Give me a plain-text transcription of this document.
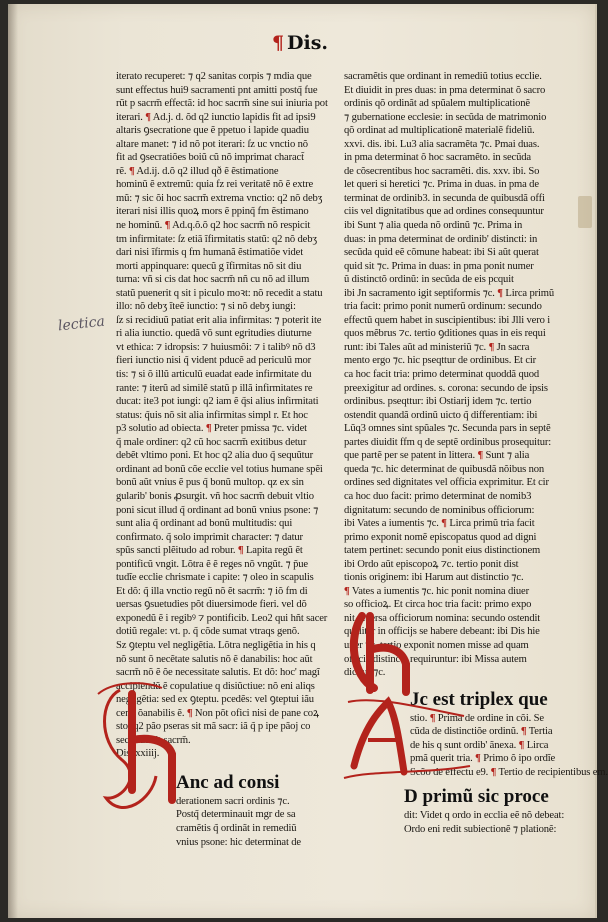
¶ Dis.
lectica
iterato recuperet: ⁊ q2 sanitas corpis ⁊ mdia que
sunt effectus hui9 sacramenti pnt amitti postq̃ fue
rũt p sacrm̃ effectã: id hoc sacrm̃ sine sui iniuria pot
iterari. ¶ Ad.j. d. õd q2 iunctio lapidis fit ad ipsi9
altaris ꝯsecratione que ẽ ppetuo i lapide quadiu
altare manet: ⁊ id nõ pot iterari: ſz uc vnctio nõ
fit ad ꝯsecratiões boiũ cũ nõ imprimat charact̃
rẽ. ¶ Ad.ij. d.õ q2 illud qð ẽ ẽstimatione
hominũ ẽ extremũ: quia fz rei veritatẽ nõ ẽ extre
mũ: ⁊ sic õi hoc sacrm̃ extrema vnctio: q2 nõ debʒ
iterari nisi illis quoꝝ mors ẽ ppinq̃ fm ẽstimano
ne hominũ. ¶ Ad.q.õ.õ q2 hoc sacrm̃ nõ respicit
tm infirmitate: ſz etiã ĩfirmitatis statũ: q2 nõ debʒ
dari nisi ĩfirmis q fm humanã ẽstimatiõe videt
morti appinquare: quecũ g ĩfirmitas nõ sit diu
turna: vñ si cis dat hoc sacrm̃ nñ cu nõ ad illum
statũ puenerit q sit i piculo moꝛt: nõ recedit a statu
illo: nõ debʒ ĩteẽ iunctio: ⁊ si nõ debʒ iungi:
ſz si recidiuũ patiat erit alia infirmitas: ⁊ poterit ite
ri alia iunctio. quedã võ sunt egritudies diuturne
vt ethica: ⁊ idropsis: ⁊ huiusmõi: ⁊ i talibꝰ nõ d3
fieri iunctio nisi q̃ vident pducẽ ad periculũ mor
tis: ⁊ si õ illũ articulũ euadat eade infirmitate du
rante: ⁊ iterũ ad similẽ statũ p illã infirmitates re
ducat: ite3 pot iungi: q2 iam ẽ q̃si alius infirmitati
status: q̃uis nõ sit alia infirmitas simpl r. Et hoc
p3 solutio ad obiecta. ¶ Preter pmissa ⁊c. videt
q̃ male ordiner: q2 cũ hoc sacrm̃ exitibus detur
debẽt vltimo poni. Et hoc q2 alia duo q̃ sequũtur
ordinant ad bonũ cõe ecclie vel totius humane spẽi
bonũ aũt vnius ẽ pus q̃ bonũ multop. qz ex sin
gularib' bonis ꝓsurgit. vñ hoc sacrm̃ debuit vltio
poni sicut illud q̃ ordinant ad bonũ vnius psone: ⁊
sunt alia q̃ ordinant ad bonũ multitudis: qui
confirmato. q̃ solo imprimit character: ⁊ datur
spũs sancti plẽitudo ad robur. ¶ Lapita regũ ẽt
pontificũ vngit. Lõtra ẽ ẽ reges nõ vngũt. ⁊ p̃ue
tudĩe ecclie chrismate i capite: ⁊ oleo in scapulis
Et dõ: q̃ illa vnctio regũ nõ ẽt sacrm̃: ⁊ iõ fm di
uersas ꝯsuetudies põt diuersimode fieri. vel dõ
exponedũ ẽ i regibꝰ ⁊ pontificib. Leo2 qui hñt sacer
dotiũ regale: vt. p. q̃ cõde sumat vtraqs genõ.
Sz ꝯteptu vel negligẽtia. Lõtra negligẽtia in his q
nõ sunt õ necẽtate salutis nõ ẽ danabilis: hoc aũt
sacrm̃ nõ ẽ õe necessitate salutis. Et dõ: hoc' magĩ
accipiendũ ẽ copulatiue q disiũctiue: nõ eni aliqs
negligẽtia: sed ex ꝯteptu. pcedẽs: vel ꝯteptui iãu
ceno õanabilis ẽ. ¶ Non põt ofici nisi de pane coꝝ
sto: q2 pão pseras sit mã sacr: iã q̃ p ipe pãoj co
secratus sit sacrm̃.
Dis. xxiiij.
Anc ad consi
derationem sacri ordinis ⁊c.
Postq̃ determinauit mgr de sa
cramẽtis q̃ ordinãt in remediũ
vnius psone: hic determinat de
sacramẽtis que ordinant in remediũ totius ecclie.
Et diuidit in pres duas: in pma determinat õ sacro
ordinis qõ ordinãt ad spũalem multiplicationẽ
⁊ gubernatione ecclesie: in secũda de matrimonio
qõ ordinat ad multiplicationẽ materialẽ fideliũ.
xxvi. dis. ibi. Lu3 alia sacramẽta ⁊c. Pmai duas.
in pma determinat õ hoc sacramẽto. in secũda
de cõsecrentibus hoc sacramẽti. dis. xxv. ibi. So
let queri si heretici ⁊c. Prima in duas. in pma de
terminat de ordinib3. in secunda de quibusdã offi
ciis vel dignitatibus que ad ordines consequuntur
ibi Sunt ⁊ alia queda nõ ordinũ ⁊c. Prima in
duas: in pma determinat de ordinib' distincti: in
secũda quid eẽ cõmune habeat: ibi Si aũt querat
quid sit ⁊c. Prima in duas: in pma ponit numer
ũ distinctõ ordinũ: in secũda de eis pcquit
ibi Jn sacramento igit septiformis ⁊c. ¶ Lirca primũ
tria facit: primo ponit numerũ ordinum: secundo
effectũ quem habet in suscipientibus: ibi Jlli vero i
quos mẽbrus ⁊c. tertio ꝯditiones quas in eis requi
runt: ibi Tales aũt ad ministeriũ ⁊c. ¶ Jn sacra
mento ergo ⁊c. hic pseqttur de ordinibus. Et cir
ca hoc facit tria: primo determinat quoddã quod
preexigitur ad ordines. s. corona: secundo de ipsis
ordinibus. pseqttur: ibi Ostiarij idem ⁊c. tertio
ostendit quandã ordinũ uicto q̃ differentiam: ibi
Lũq3 omnes sint spũales ⁊c. Secunda pars in septẽ
partes diuidit ffm q de septẽ ordinibus prosequitur:
que partẽ per se patent in littera. ¶ Sunt ⁊ alia
queda ⁊c. hic determinat de quibusdã nõibus non
ordines sed dignitates vel officia exprimitur. Et cir
ca hoc duo facit: primo determinat de nomib3
dignitatum: secundo de nominibus officiorum:
ibi Vates a iumentis ⁊c. ¶ Lirca primũ tria facit
primo exponit nomẽ episcopatus quod ad digni
tatem pertinet: secundo ponit eius distinctionem
ibi Ordo aũt episcopoꝝ ⁊c. tertio ponit dist
tionis originem: ibi Harum aut distinctio ⁊c.
¶ Vates a iumentis ⁊c. hic ponit nomina diuer
so officioꝝ. Et circa hoc tria facit: primo expo
nit diuersa officiorum nomina: secundo ostendit
qualiter in officijs se habere debeant: ibi Dis hie
uiter ⁊c. tertio exponit nomen misse ad quam
officia distincta requiruntur: ibi Missa autem
dicitur ⁊c.
Jc est triplex que
stio. ¶ Prima de ordine in cõi. Se
cũda de distinctiõe ordinũ. ¶ Tertia
de his q sunt ordib' ãnexa. ¶ Lirca
pmã querit tria. ¶ Primo õ ipo ordĩe
Scõo de effectu e9. ¶ Tertio de recipientibus em.
D primũ sic proce
dit: Videt q ordo in ecclia eẽ nõ debeat:
Ordo eni redit subiectionẽ ⁊ plationẽ:
